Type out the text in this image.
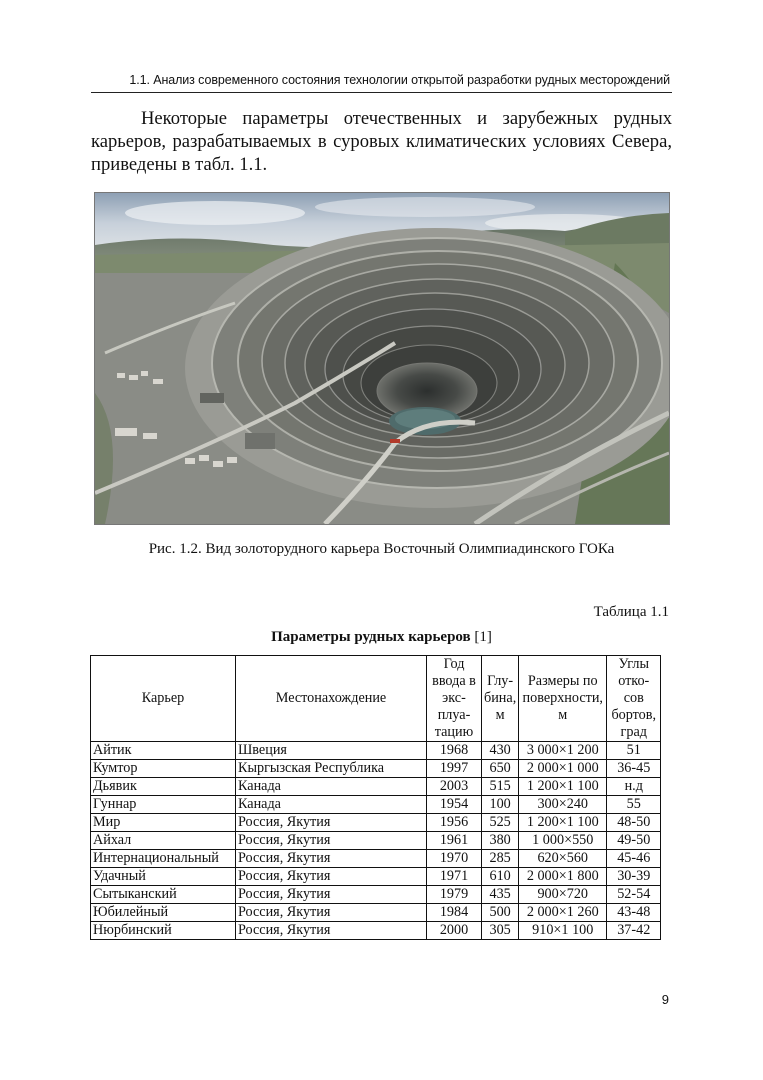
1.1. Анализ современного состояния технологии открытой разработки рудных месторождений

Некоторые параметры отечественных и зарубежных рудных карьеров, разрабатываемых в суровых климатических условиях Севера, приведены в табл. 1.1.

Рис. 1.2. Вид золоторудного карьера Восточный Олимпиадинского ГОКа

Таблица 1.1

Параметры рудных карьеров [1]

Карьер	Местонахождение	Год
ввода в
экс-
плуа-
тацию	Глу-
бина,
м	Размеры по
поверхности,
м	Углы
отко-
сов
бортов,
град
Айтик	Швеция	1968	430	3 000×1 200	51
Кумтор	Кыргызская Республика	1997	650	2 000×1 000	36-45
Дьявик	Канада	2003	515	1 200×1 100	н.д
Гуннар	Канада	1954	100	300×240	55
Мир	Россия, Якутия	1956	525	1 200×1 100	48-50
Айхал	Россия, Якутия	1961	380	1 000×550	49-50
Интернациональный	Россия, Якутия	1970	285	620×560	45-46
Удачный	Россия, Якутия	1971	610	2 000×1 800	30-39
Сытыканский	Россия, Якутия	1979	435	900×720	52-54
Юбилейный	Россия, Якутия	1984	500	2 000×1 260	43-48
Нюрбинский	Россия, Якутия	2000	305	910×1 100	37-42
9
